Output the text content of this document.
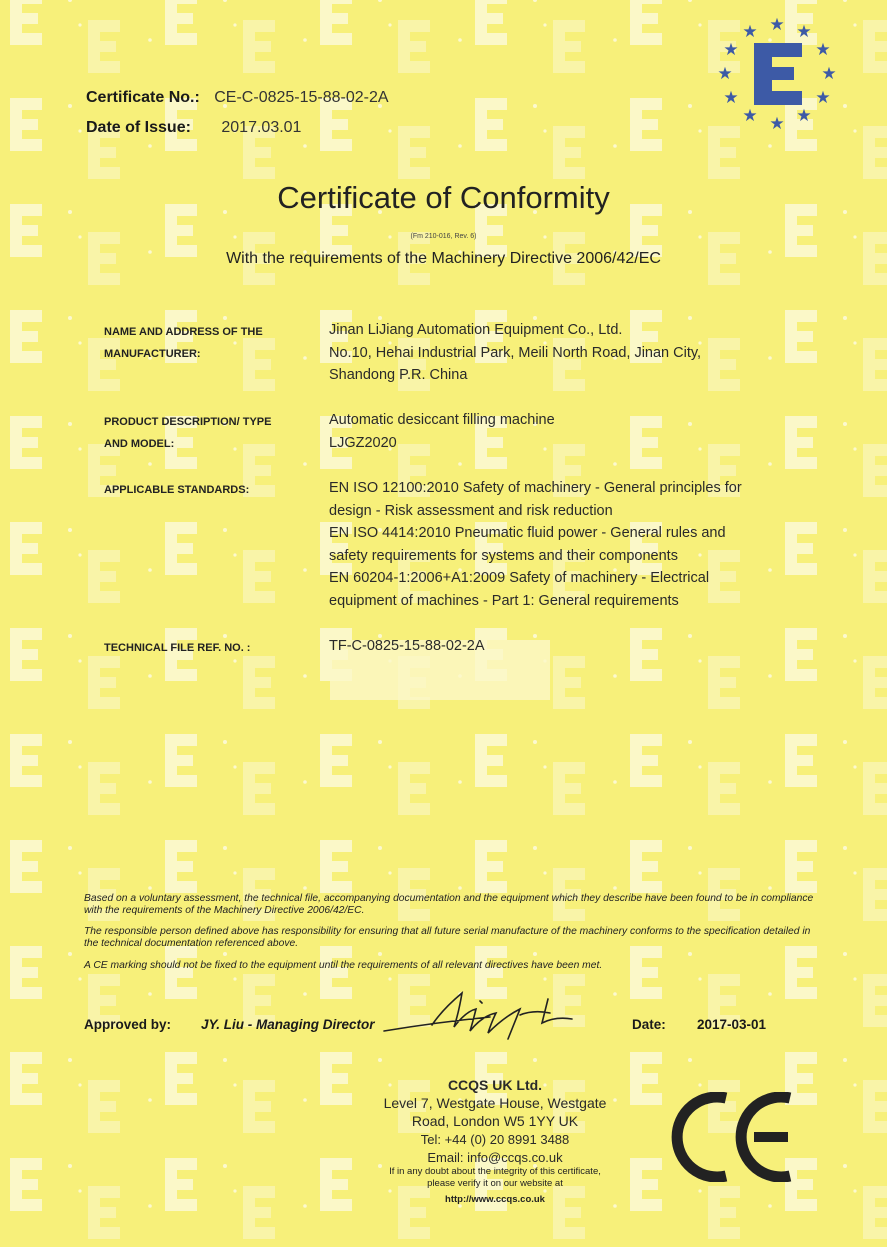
Certificate No.: CE-C-0825-15-88-02-2A
Date of Issue: 2017.03.01
★ ★
★
★
★
★
★
★
★
★
★
★
Certificate of Conformity
(Fm 210-016, Rev. 6)
With the requirements of the Machinery Directive 2006/42/EC
NAME AND ADDRESS OF THE
MANUFACTURER:
Jinan LiJiang Automation Equipment Co., Ltd.
No.10, Hehai Industrial Park, Meili North Road, Jinan City,
Shandong P.R. China
PRODUCT DESCRIPTION/ TYPE
AND MODEL:
Automatic desiccant filling machine
LJGZ2020
APPLICABLE STANDARDS:	EN ISO 12100:2010 Safety of machinery - General principles for
design - Risk assessment and risk reduction
EN ISO 4414:2010 Pneumatic fluid power - General rules and
safety requirements for systems and their components
EN 60204-1:2006+A1:2009 Safety of machinery - Electrical
equipment of machines - Part 1: General requirements
TECHNICAL FILE REF. NO. :	TF-C-0825-15-88-02-2A
Based on a voluntary assessment, the technical file, accompanying documentation and the equipment which they describe have been found to be in compliance with the requirements of the Machinery Directive 2006/42/EC.
The responsible person defined above has responsibility for ensuring that all future serial manufacture of the machinery conforms to the specification detailed in the technical documentation referenced above.
A CE marking should not be fixed to the equipment until the requirements of all relevant directives have been met.
Approved by: JY. Liu - Managing Director	Date: 2017-03-01
CCQS UK Ltd.
Level 7, Westgate House, Westgate
Road, London W5 1YY UK
Tel: +44 (0) 20 8991 3488
Email: info@ccqs.co.uk
If in any doubt about the integrity of this certificate,
please verify it on our website at
http://www.ccqs.co.uk
